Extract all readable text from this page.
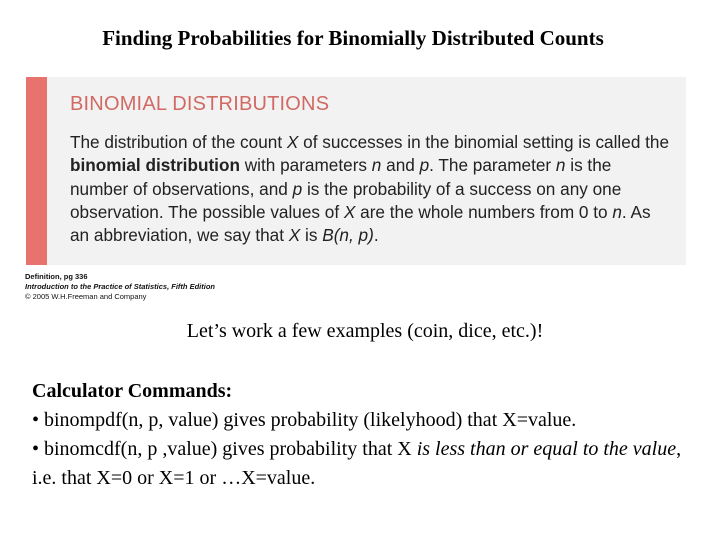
Finding Probabilities for Binomially Distributed Counts
BINOMIAL DISTRIBUTIONS
The distribution of the count X of successes in the binomial setting is called the binomial distribution with parameters n and p. The parameter n is the number of observations, and p is the probability of a success on any one observation. The possible values of X are the whole numbers from 0 to n. As an abbreviation, we say that X is B(n, p).
Definition, pg 336
Introduction to the Practice of Statistics, Fifth Edition
© 2005 W.H.Freeman and Company
Let’s work a few examples (coin, dice, etc.)!

Calculator Commands:

• binompdf(n, p, value) gives probability (likelyhood) that X=value.

• binomcdf(n, p ,value) gives probability that X is less than or equal to the value, i.e. that X=0 or X=1 or …X=value.
